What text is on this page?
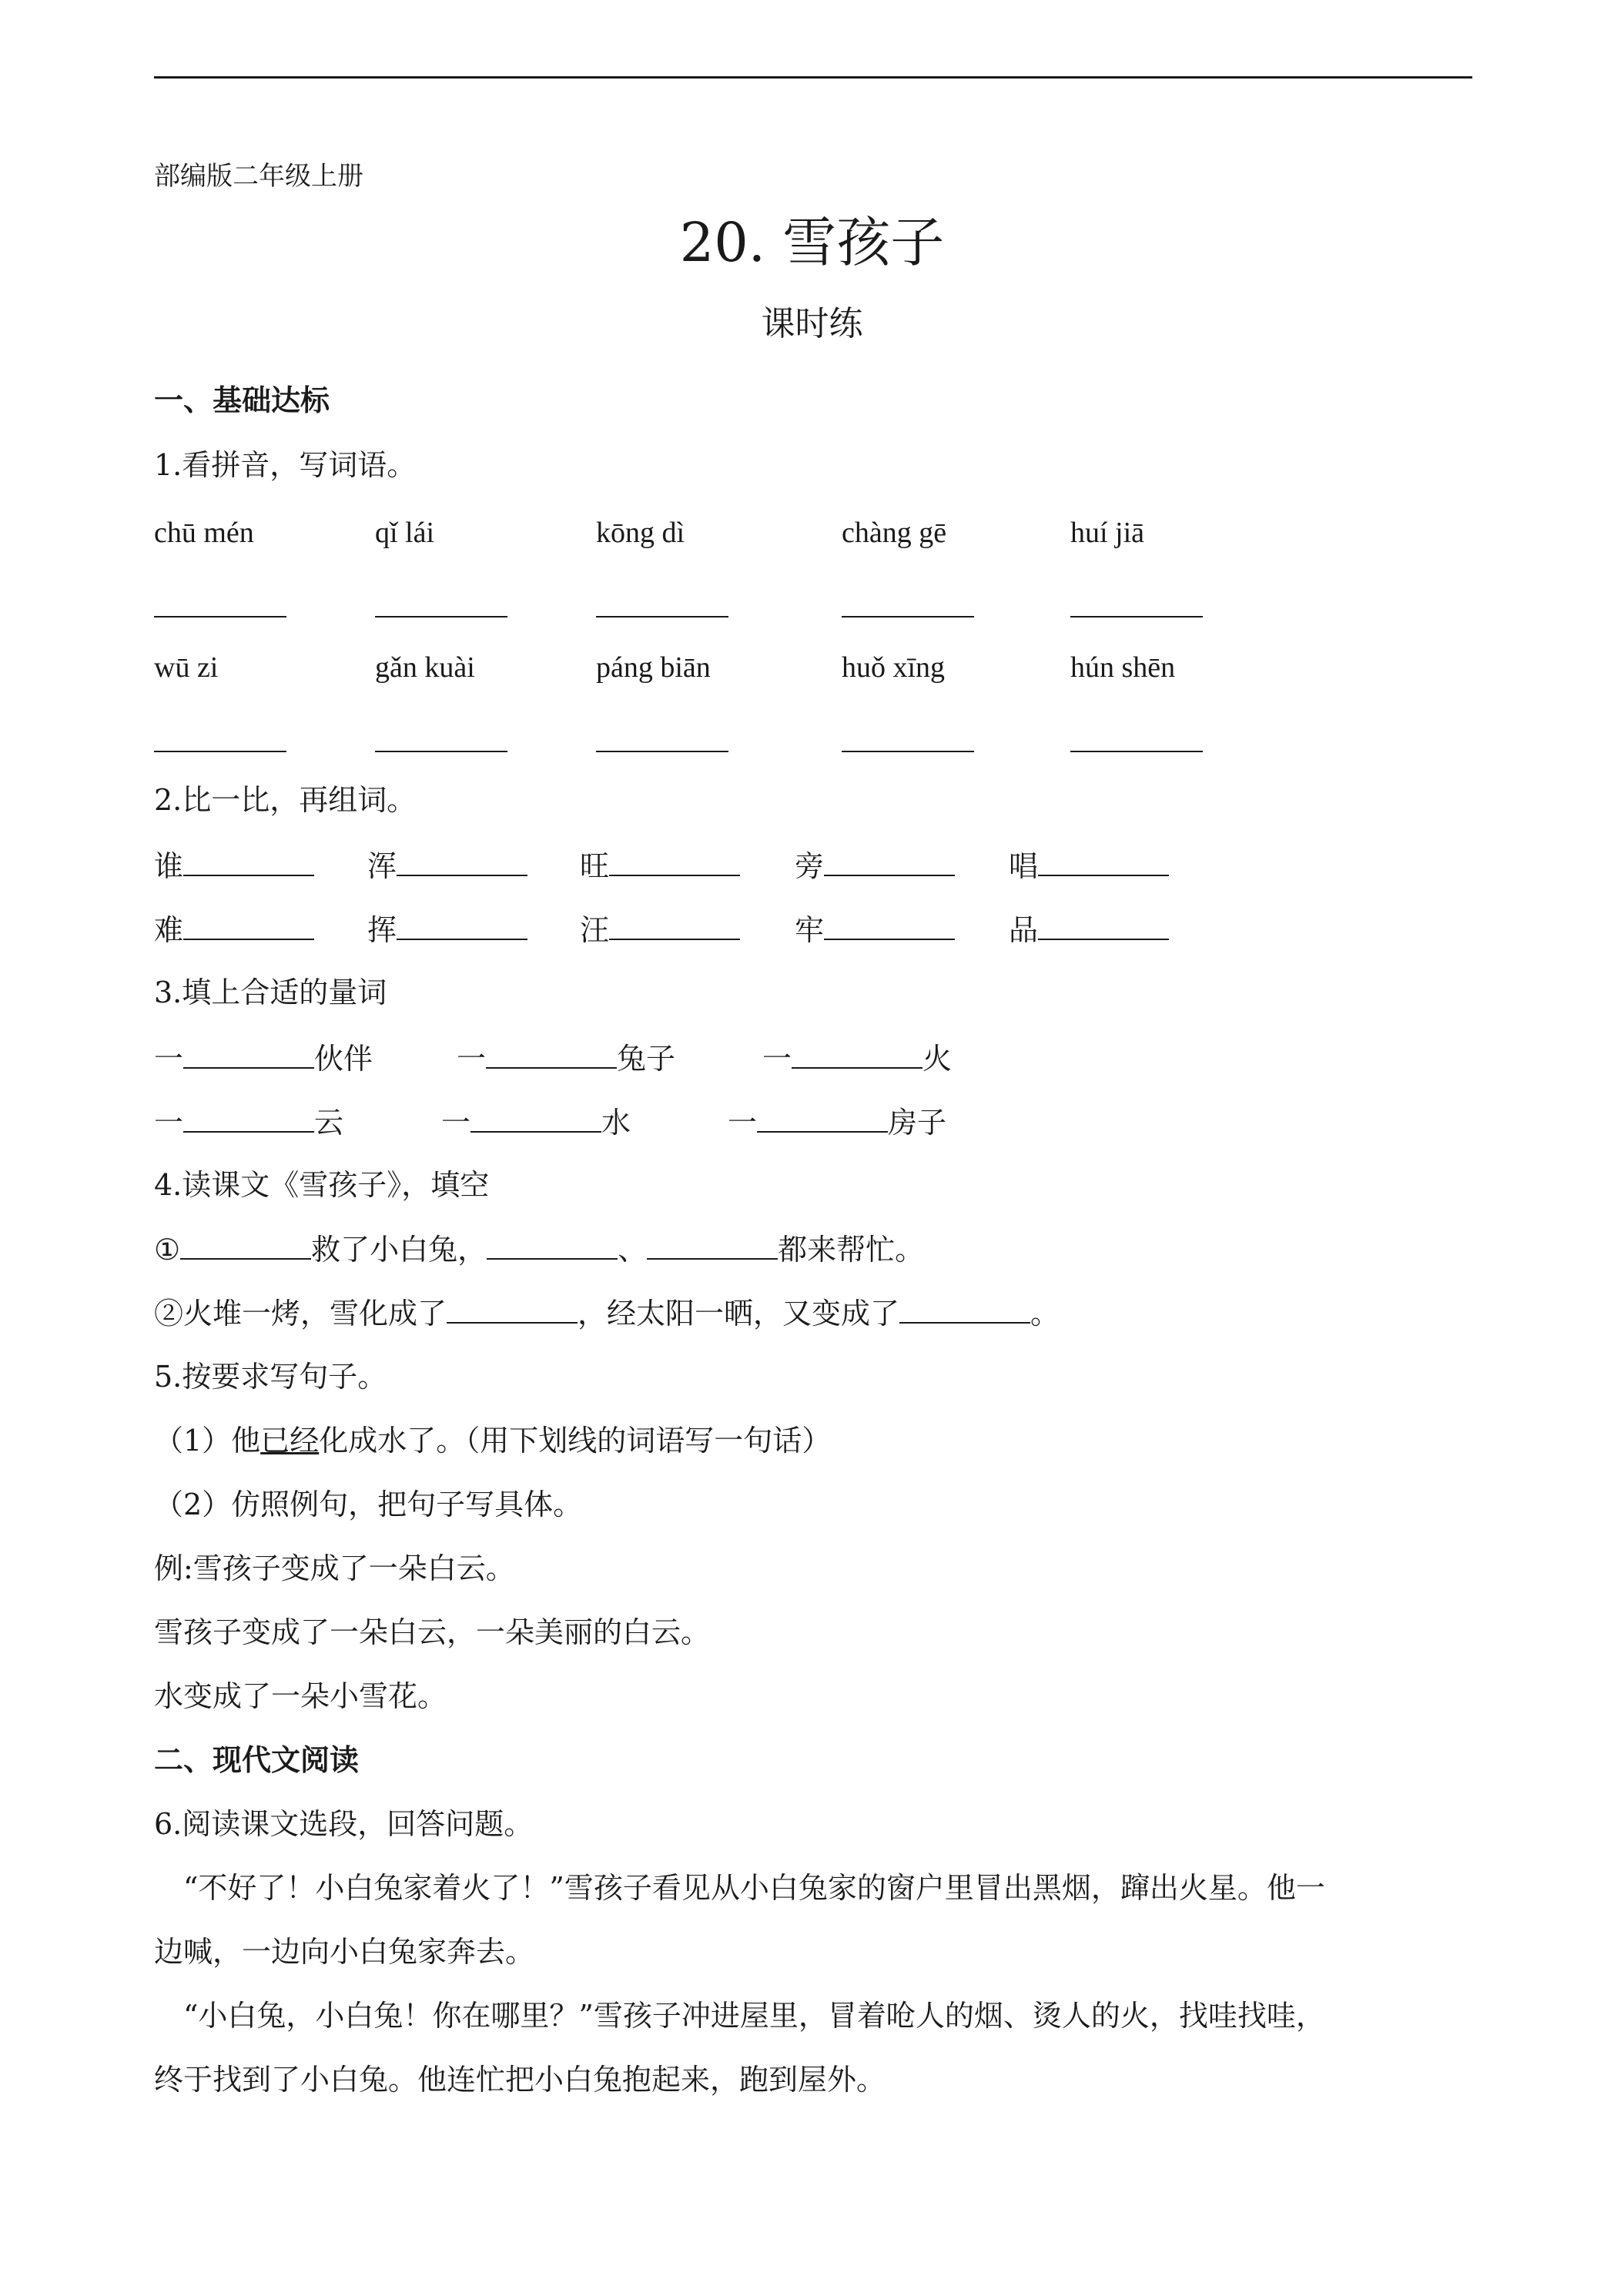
部编版二年级上册
20. 雪孩子
课时练
一、基础达标
1.看拼音，写词语。
chū mén	qǐ lái	kōng dì	chàng gē	huí jiā
wū zi	gǎn kuài	páng biān	huǒ xīng	hún shēn
2.比一比，再组词。
谁	浑	旺	旁	唱
难	挥	汪	牢	品
3.填上合适的量词
一	伙伴	一	兔子	一	火
一	云	一	水	一	房子
4.读课文《雪孩子》，填空
①	救了小白兔，	、	都来帮忙。
②火堆一烤，雪化成了	，经太阳一晒，又变成了	。
5.按要求写句子。
（1）他已经化成水了。（用下划线的词语写一句话）
（2）仿照例句，把句子写具体。
例:雪孩子变成了一朵白云。
雪孩子变成了一朵白云，一朵美丽的白云。
水变成了一朵小雪花。
二、现代文阅读
6.阅读课文选段，回答问题。
“不好了！小白兔家着火了！”雪孩子看见从小白兔家的窗户里冒出黑烟，蹿出火星。他一
边喊，一边向小白兔家奔去。
“小白兔，小白兔！你在哪里？”雪孩子冲进屋里，冒着呛人的烟、烫人的火，找哇找哇，
终于找到了小白兔。他连忙把小白兔抱起来，跑到屋外。
